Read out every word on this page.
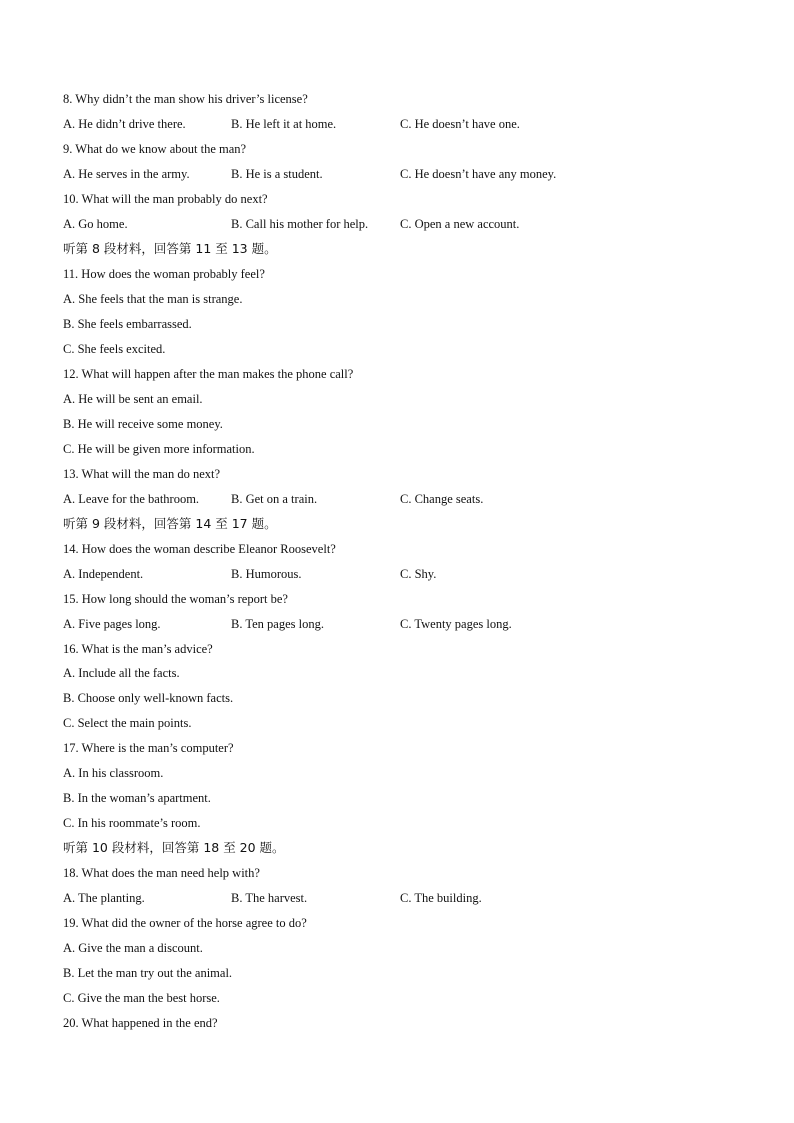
8. Why didn’t the man show his driver’s license?
A. He didn’t drive there.	B. He left it at home.	C. He doesn’t have one.
9. What do we know about the man?
A. He serves in the army.	B. He is a student.	C. He doesn’t have any money.
10. What will the man probably do next?
A. Go home.	B. Call his mother for help.	C. Open a new account.
听第 8 段材料，回答第 11 至 13 题。
11. How does the woman probably feel?
A. She feels that the man is strange.
B. She feels embarrassed.
C. She feels excited.
12. What will happen after the man makes the phone call?
A. He will be sent an email.
B. He will receive some money.
C. He will be given more information.
13. What will the man do next?
A. Leave for the bathroom.	B. Get on a train.	C. Change seats.
听第 9 段材料，回答第 14 至 17 题。
14. How does the woman describe Eleanor Roosevelt?
A. Independent.	B. Humorous.	C. Shy.
15. How long should the woman’s report be?
A. Five pages long.	B. Ten pages long.	C. Twenty pages long.
16. What is the man’s advice?
A. Include all the facts.
B. Choose only well-known facts.
C. Select the main points.
17. Where is the man’s computer?
A. In his classroom.
B. In the woman’s apartment.
C. In his roommate’s room.
听第 10 段材料，回答第 18 至 20 题。
18. What does the man need help with?
A. The planting.	B. The harvest.	C. The building.
19. What did the owner of the horse agree to do?
A. Give the man a discount.
B. Let the man try out the animal.
C. Give the man the best horse.
20. What happened in the end?
